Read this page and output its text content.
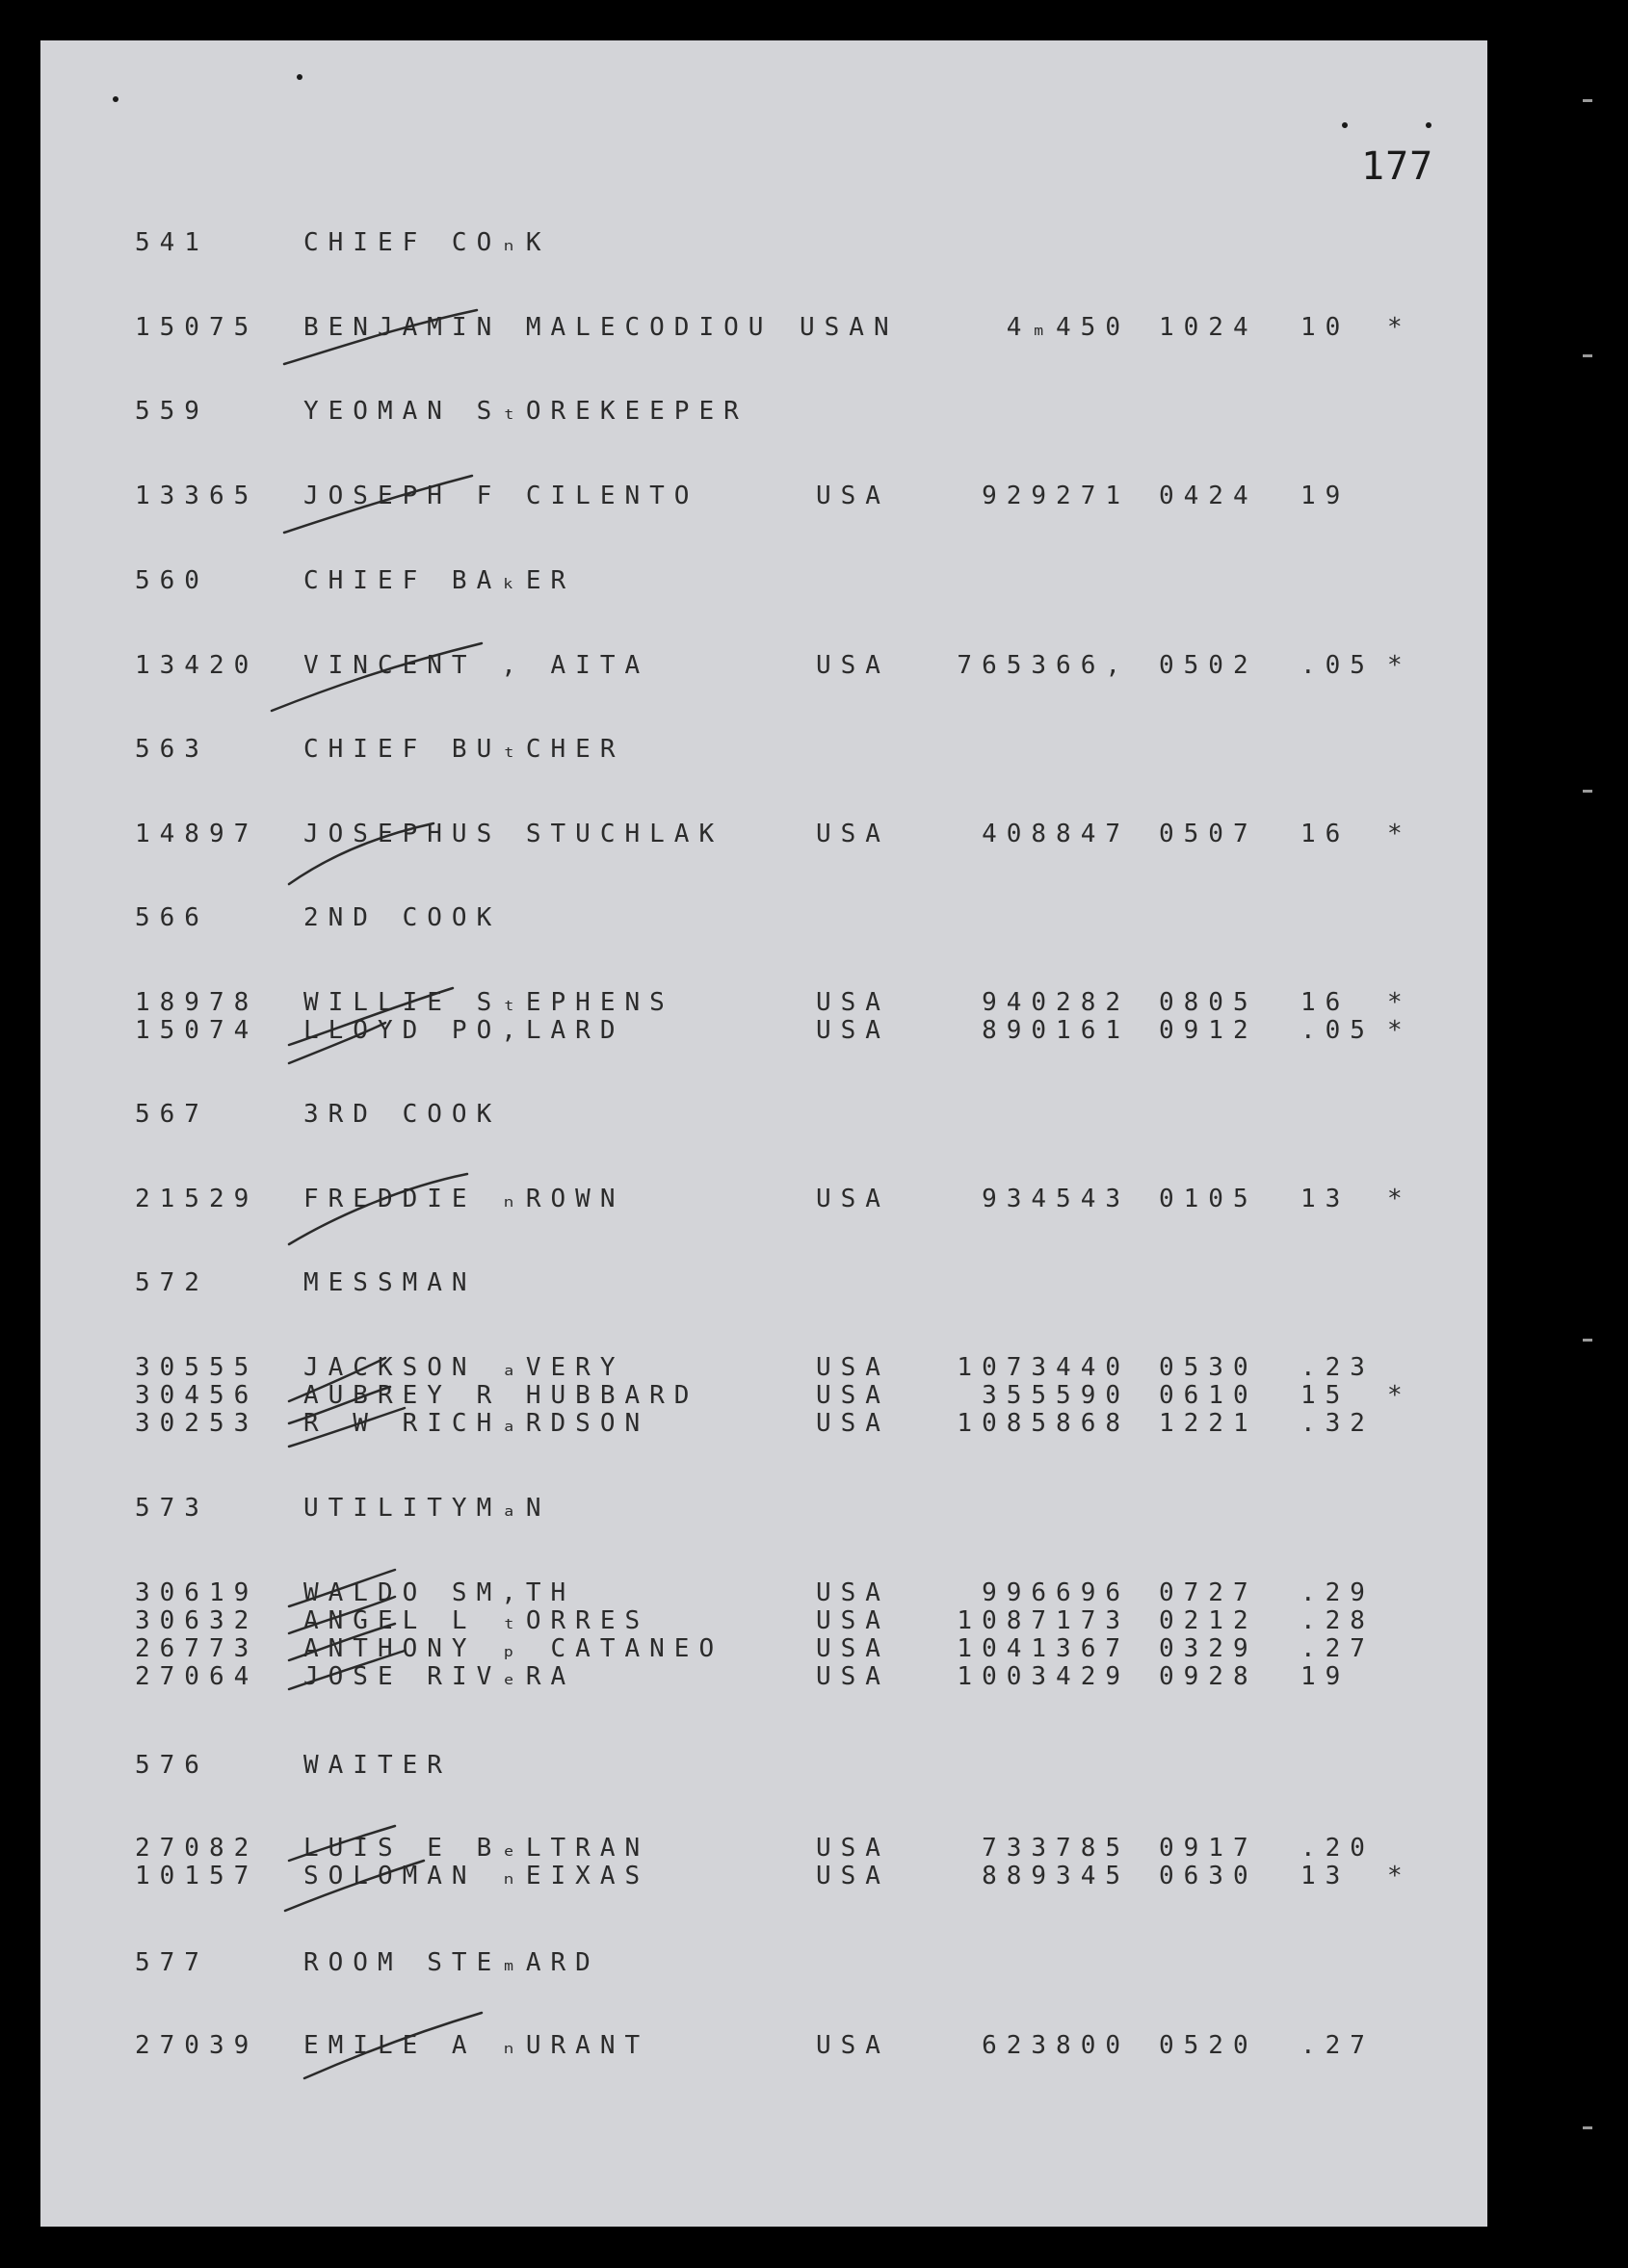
177
541	CHIEF COₙK
15075 BENJAMIN MALECODIOU USAN	4ₘ450 1024 10 *
559	YEOMAN SₜOREKEEPER
13365 JOSEPH F CILENTO	USA	929271 0424 19
560	CHIEF BAₖER
13420 VINCENT , AITA	USA	765366, 0502 .05 *
563	CHIEF BUₜCHER
14897 JOSEPHUS STUCHLAK	USA	408847 0507 16 *
566	2ND COOK
18978 WILLIE SₜEPHENS	USA	940282 0805 16 *
15074 LLOYD PO,LARD	USA	890161 0912 .05 *
567	3RD COOK
21529 FREDDIE ₙROWN	USA	934543 0105 13 *
572	MESSMAN
30555 JACKSON ₐVERY	USA	1073440 0530 .23
30456 AUBREY R HUBBARD	USA	355590 0610 15 *
30253 R W RICHₐRDSON	USA	1085868 1221 .32
573	UTILITYMₐN
30619 WALDO SM,TH	USA	996696 0727 .29
30632 ANGEL L ₜORRES	USA	1087173 0212 .28
26773 ANTHONY ₚ CATANEO	USA	1041367 0329 .27
27064 JOSE RIVₑRA	USA	1003429 0928 19
576	WAITER
27082 LUIS E BₑLTRAN	USA	733785 0917 .20
10157 SOLOMAN ₙEIXAS	USA	889345 0630 13 *
577	ROOM STEₘARD
27039 EMILE A ₙURANT	USA	623800 0520 .27
